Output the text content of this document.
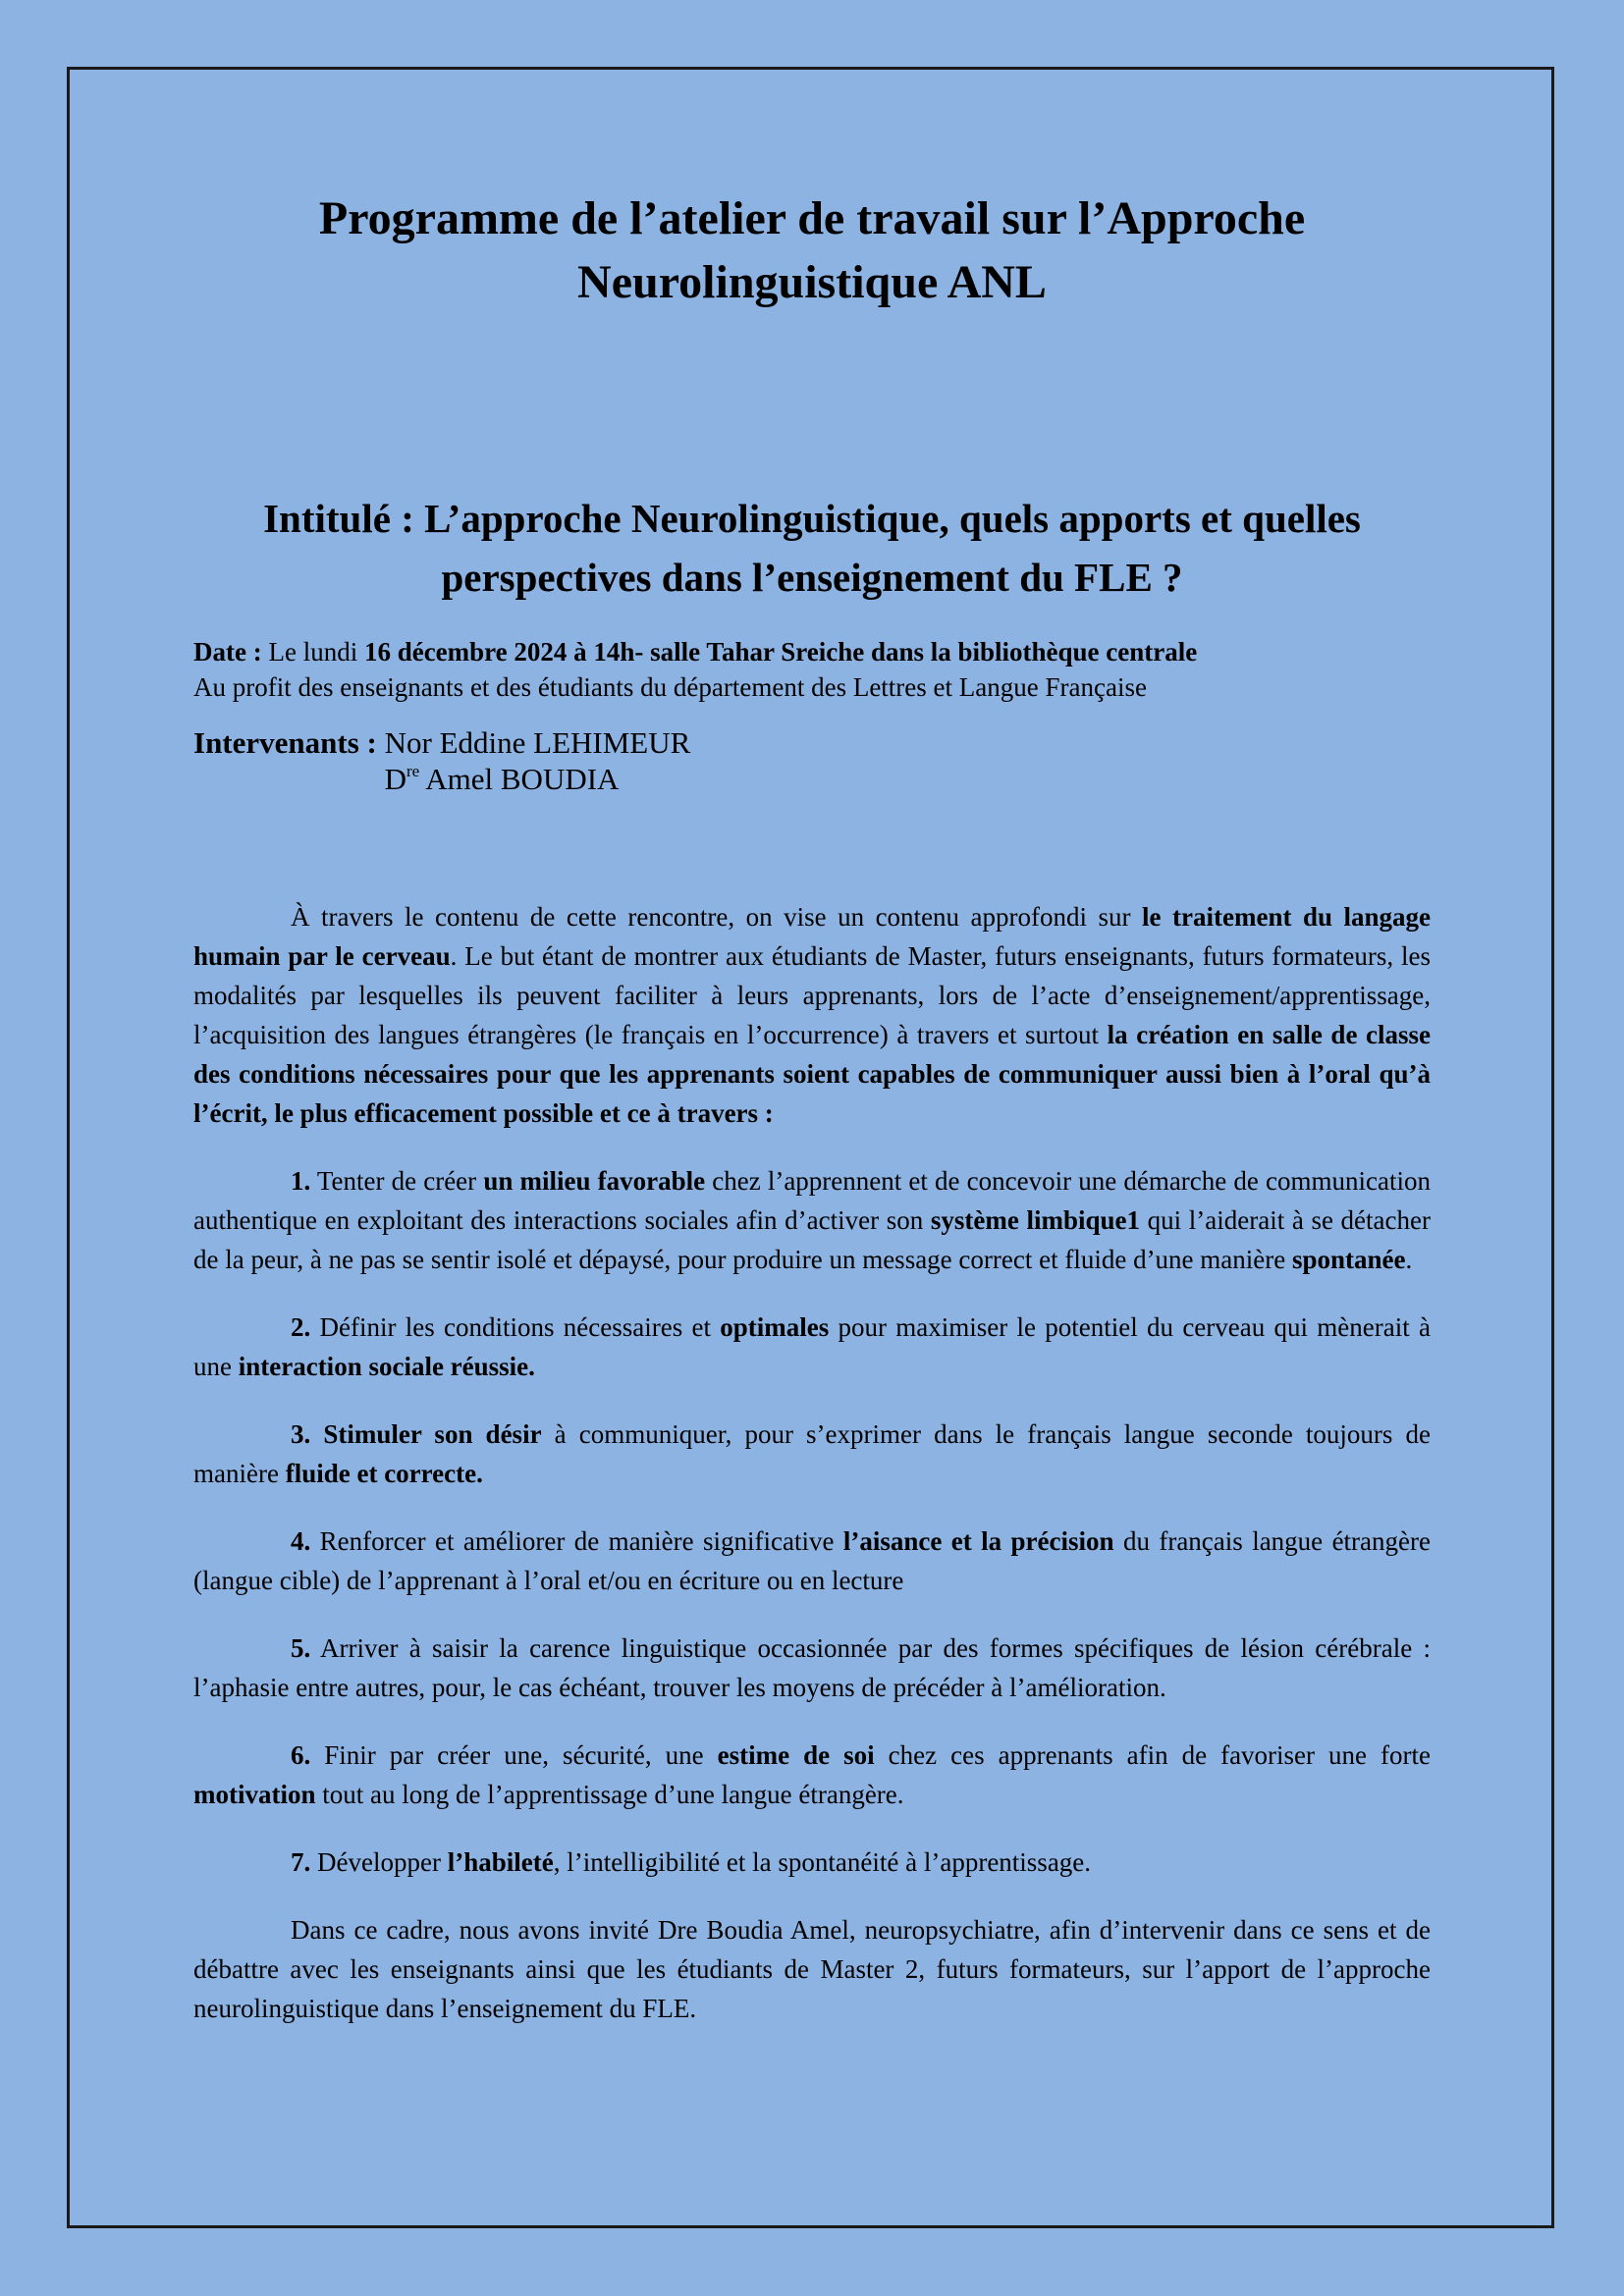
Programme de l’atelier de travail sur l’Approche Neurolinguistique ANL
Intitulé : L’approche Neurolinguistique, quels apports et quelles perspectives dans l’enseignement du FLE ?
Date : Le lundi 16 décembre 2024 à 14h- salle Tahar Sreiche dans la bibliothèque centrale
Au profit des enseignants et des étudiants du département des Lettres et Langue Française
Intervenants : Nor Eddine LEHIMEUR
Dre Amel BOUDIA

À travers le contenu de cette rencontre, on vise un contenu approfondi sur le traitement du langage humain par le cerveau. Le but étant de montrer aux étudiants de Master, futurs enseignants, futurs formateurs, les modalités par lesquelles ils peuvent faciliter à leurs apprenants, lors de l’acte d’enseignement/apprentissage, l’acquisition des langues étrangères (le français en l’occurrence) à travers et surtout la création en salle de classe des conditions nécessaires pour que les apprenants soient capables de communiquer aussi bien à l’oral qu’à l’écrit, le plus efficacement possible et ce à travers :

1. Tenter de créer un milieu favorable chez l’apprennent et de concevoir une démarche de communication authentique en exploitant des interactions sociales afin d’activer son système limbique1 qui l’aiderait à se détacher de la peur, à ne pas se sentir isolé et dépaysé, pour produire un message correct et fluide d’une manière spontanée.

2. Définir les conditions nécessaires et optimales pour maximiser le potentiel du cerveau qui mènerait à une interaction sociale réussie.

3. Stimuler son désir à communiquer, pour s’exprimer dans le français langue seconde toujours de manière fluide et correcte.

4. Renforcer et améliorer de manière significative l’aisance et la précision du français langue étrangère (langue cible) de l’apprenant à l’oral et/ou en écriture ou en lecture

5. Arriver à saisir la carence linguistique occasionnée par des formes spécifiques de lésion cérébrale : l’aphasie entre autres, pour, le cas échéant, trouver les moyens de précéder à l’amélioration.

6. Finir par créer une, sécurité, une estime de soi chez ces apprenants afin de favoriser une forte motivation tout au long de l’apprentissage d’une langue étrangère.

7. Développer l’habileté, l’intelligibilité et la spontanéité à l’apprentissage.

Dans ce cadre, nous avons invité Dre Boudia Amel, neuropsychiatre, afin d’intervenir dans ce sens et de débattre avec les enseignants ainsi que les étudiants de Master 2, futurs formateurs, sur l’apport de l’approche neurolinguistique dans l’enseignement du FLE.
